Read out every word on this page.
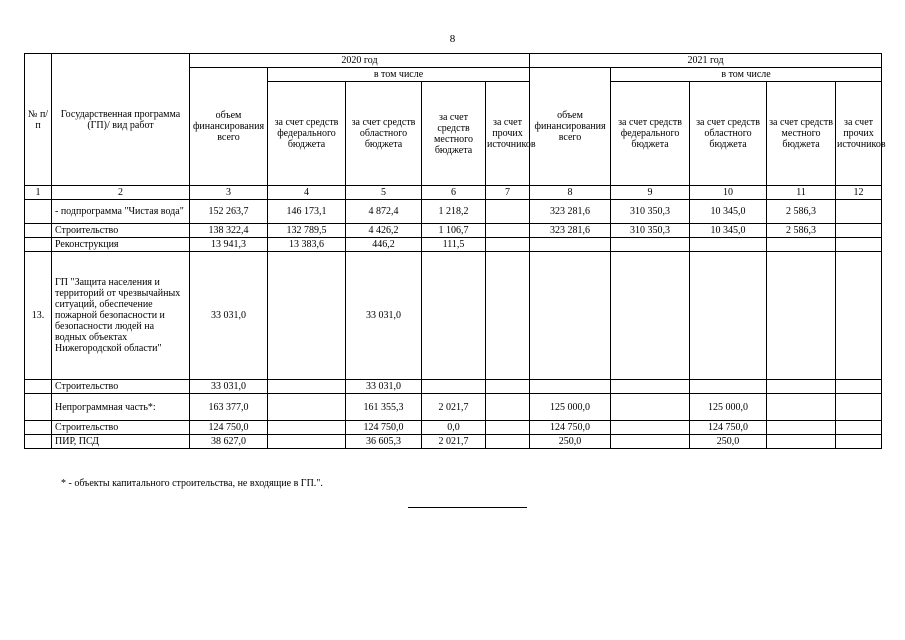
8
№ п/п	Государственная программа (ГП)/ вид работ	2020 год					2021 год				
		объем финансирования всего	в том числе				объем финансирования всего	в том числе			
			за счет средств федерального бюджета	за счет средств областного бюджета	за счет средств местного бюджета	за счет прочих источников		за счет средств федерального бюджета	за счет средств областного бюджета	за счет средств местного бюджета	за счет прочих источников
1	2	3	4	5	6	7	8	9	10	11	12
	- подпрограмма "Чистая вода"	152 263,7	146 173,1	4 872,4	1 218,2		323 281,6	310 350,3	10 345,0	2 586,3	
	Строительство	138 322,4	132 789,5	4 426,2	1 106,7		323 281,6	310 350,3	10 345,0	2 586,3	
	Реконструкция	13 941,3	13 383,6	446,2	111,5						
13.	ГП "Защита населения и территорий от чрезвычайных ситуаций, обеспечение пожарной безопасности и безопасности людей на водных объектах Нижегородской области"	33 031,0		33 031,0							
	Строительство	33 031,0		33 031,0							
	Непрограммная часть*:	163 377,0		161 355,3	2 021,7		125 000,0		125 000,0		
	Строительство	124 750,0		124 750,0	0,0		124 750,0		124 750,0		
	ПИР, ПСД	38 627,0		36 605,3	2 021,7		250,0		250,0		
* - объекты капитального строительства, не входящие в ГП.".
